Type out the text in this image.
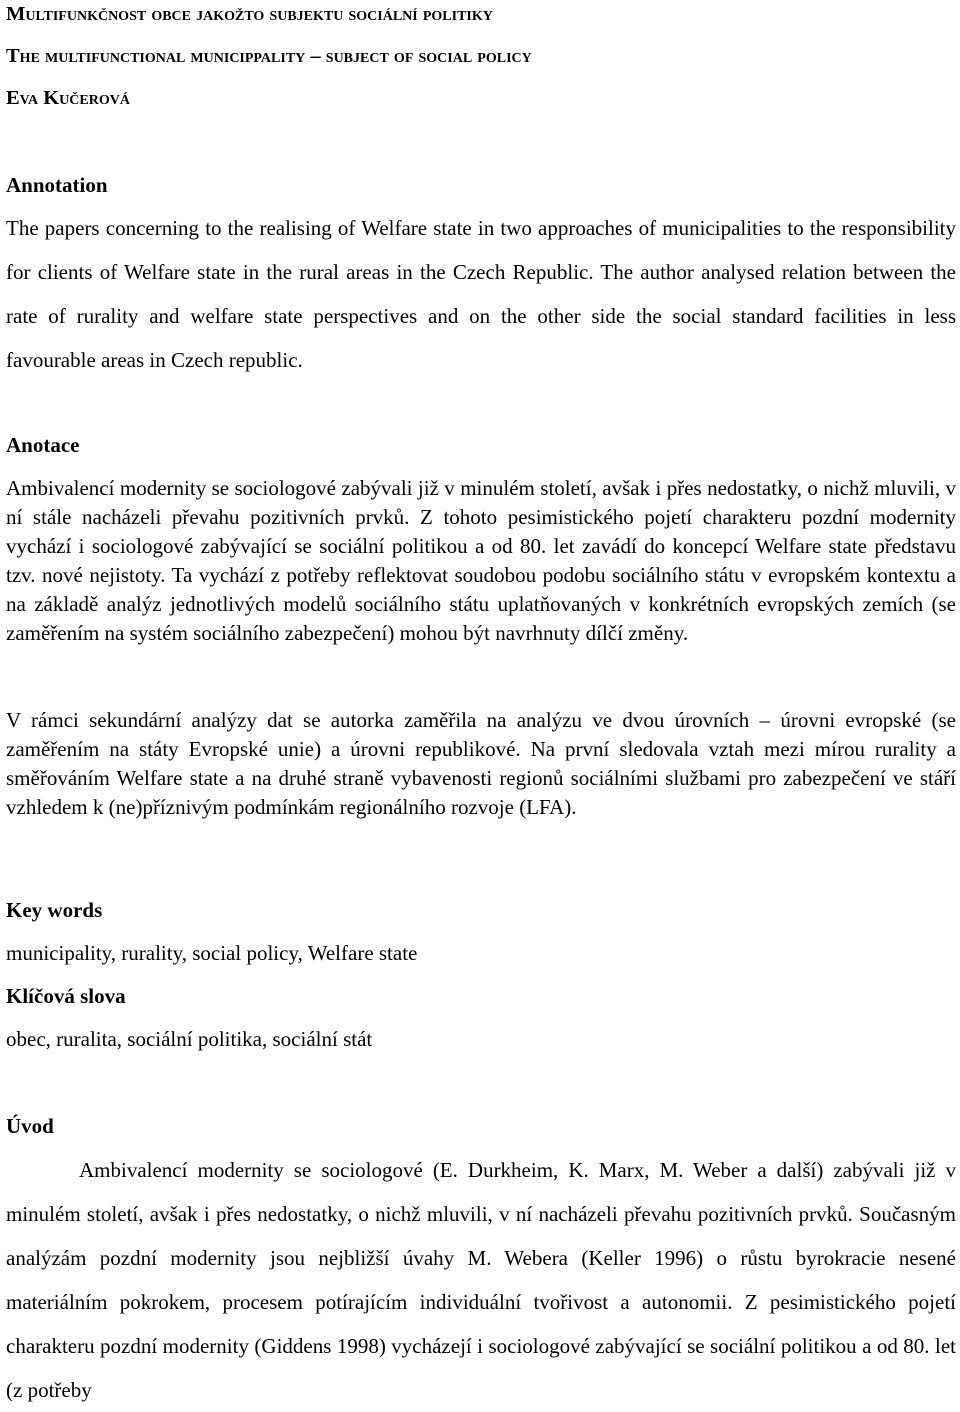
Multifunkčnost obce jakožto subjektu sociální politiky
The multifunctional municippality – subject of social policy
Eva Kučerová
Annotation
The papers concerning to the realising of Welfare state in two approaches of municipalities to the responsibility for clients of Welfare state in the rural areas in the Czech Republic. The author analysed relation between the rate of rurality and welfare state perspectives and on the other side the social standard facilities in less favourable areas in Czech republic.
Anotace
Ambivalencí modernity se sociologové zabývali již v minulém století, avšak i přes nedostatky, o nichž mluvili, v ní stále nacházeli převahu pozitivních prvků. Z tohoto pesimistického pojetí charakteru pozdní modernity vychází i sociologové zabývající se sociální politikou a od 80. let zavádí do koncepcí Welfare state představu tzv. nové nejistoty. Ta vychází z potřeby reflektovat soudobou podobu sociálního státu v evropském kontextu a na základě analýz jednotlivých modelů sociálního státu uplatňovaných v konkrétních evropských zemích (se zaměřením na systém sociálního zabezpečení) mohou být navrhnuty dílčí změny.
V rámci sekundární analýzy dat se autorka zaměřila na analýzu ve dvou úrovních – úrovni evropské (se zaměřením na státy Evropské unie) a úrovni republikové. Na první sledovala vztah mezi mírou rurality a směřováním Welfare state a na druhé straně vybavenosti regionů sociálními službami pro zabezpečení ve stáří vzhledem k (ne)příznivým podmínkám regionálního rozvoje (LFA).
Key words
municipality, rurality, social policy, Welfare state
Klíčová slova
obec, ruralita, sociální politika, sociální stát
Úvod
Ambivalencí modernity se sociologové (E. Durkheim, K. Marx, M. Weber a další) zabývali již v minulém století, avšak i přes nedostatky, o nichž mluvili, v ní nacházeli převahu pozitivních prvků. Současným analýzám pozdní modernity jsou nejbližší úvahy M. Webera (Keller 1996) o růstu byrokracie nesené materiálním pokrokem, procesem potírajícím individuální tvořivost a autonomii. Z pesimistického pojetí charakteru pozdní modernity (Giddens 1998) vycházejí i sociologové zabývající se sociální politikou a od 80. let (z potřeby
